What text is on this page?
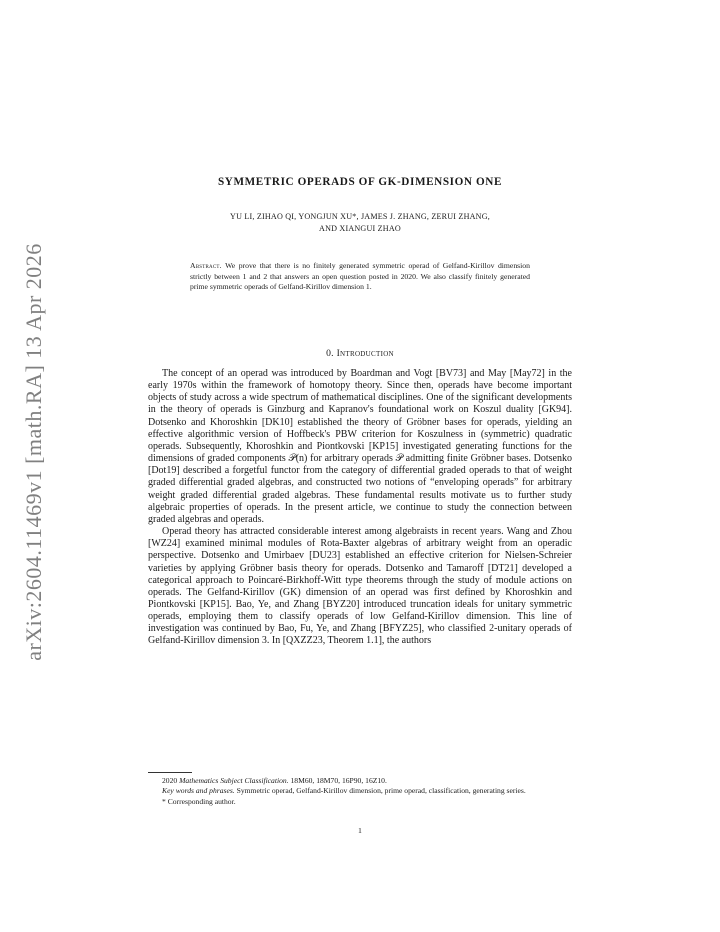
arXiv:2604.11469v1 [math.RA] 13 Apr 2026
SYMMETRIC OPERADS OF GK-DIMENSION ONE
YU LI, ZIHAO QI, YONGJUN XU*, JAMES J. ZHANG, ZERUI ZHANG,
AND XIANGUI ZHAO
Abstract. We prove that there is no finitely generated symmetric operad of Gelfand-Kirillov dimension strictly between 1 and 2 that answers an open question posted in 2020. We also classify finitely generated prime symmetric operads of Gelfand-Kirillov dimension 1.
0. Introduction

The concept of an operad was introduced by Boardman and Vogt [BV73] and May [May72] in the early 1970s within the framework of homotopy theory. Since then, operads have become important objects of study across a wide spectrum of mathematical disciplines. One of the significant developments in the theory of operads is Ginzburg and Kapranov's foundational work on Koszul duality [GK94]. Dotsenko and Khoroshkin [DK10] established the theory of Gröbner bases for operads, yielding an effective algorithmic version of Hoffbeck's PBW criterion for Koszulness in (symmetric) quadratic operads. Subsequently, Khoroshkin and Piontkovski [KP15] investigated generating functions for the dimensions of graded components 𝒫(n) for arbitrary operads 𝒫 admitting finite Gröbner bases. Dotsenko [Dot19] described a forgetful functor from the category of differential graded operads to that of weight graded differential graded algebras, and constructed two notions of “enveloping operads” for arbitrary weight graded differential graded algebras. These fundamental results motivate us to further study algebraic properties of operads. In the present article, we continue to study the connection between graded algebras and operads.

Operad theory has attracted considerable interest among algebraists in recent years. Wang and Zhou [WZ24] examined minimal modules of Rota-Baxter algebras of arbitrary weight from an operadic perspective. Dotsenko and Umirbaev [DU23] established an effective criterion for Nielsen-Schreier varieties by applying Gröbner basis theory for operads. Dotsenko and Tamaroff [DT21] developed a categorical approach to Poincaré-Birkhoff-Witt type theorems through the study of module actions on operads. The Gelfand-Kirillov (GK) dimension of an operad was first defined by Khoroshkin and Piontkovski [KP15]. Bao, Ye, and Zhang [BYZ20] introduced truncation ideals for unitary symmetric operads, employing them to classify operads of low Gelfand-Kirillov dimension. This line of investigation was continued by Bao, Fu, Ye, and Zhang [BFYZ25], who classified 2-unitary operads of Gelfand-Kirillov dimension 3. In [QXZZ23, Theorem 1.1], the authors

2020 Mathematics Subject Classification. 18M60, 18M70, 16P90, 16Z10.

Key words and phrases. Symmetric operad, Gelfand-Kirillov dimension, prime operad, classification, generating series.

* Corresponding author.

1
